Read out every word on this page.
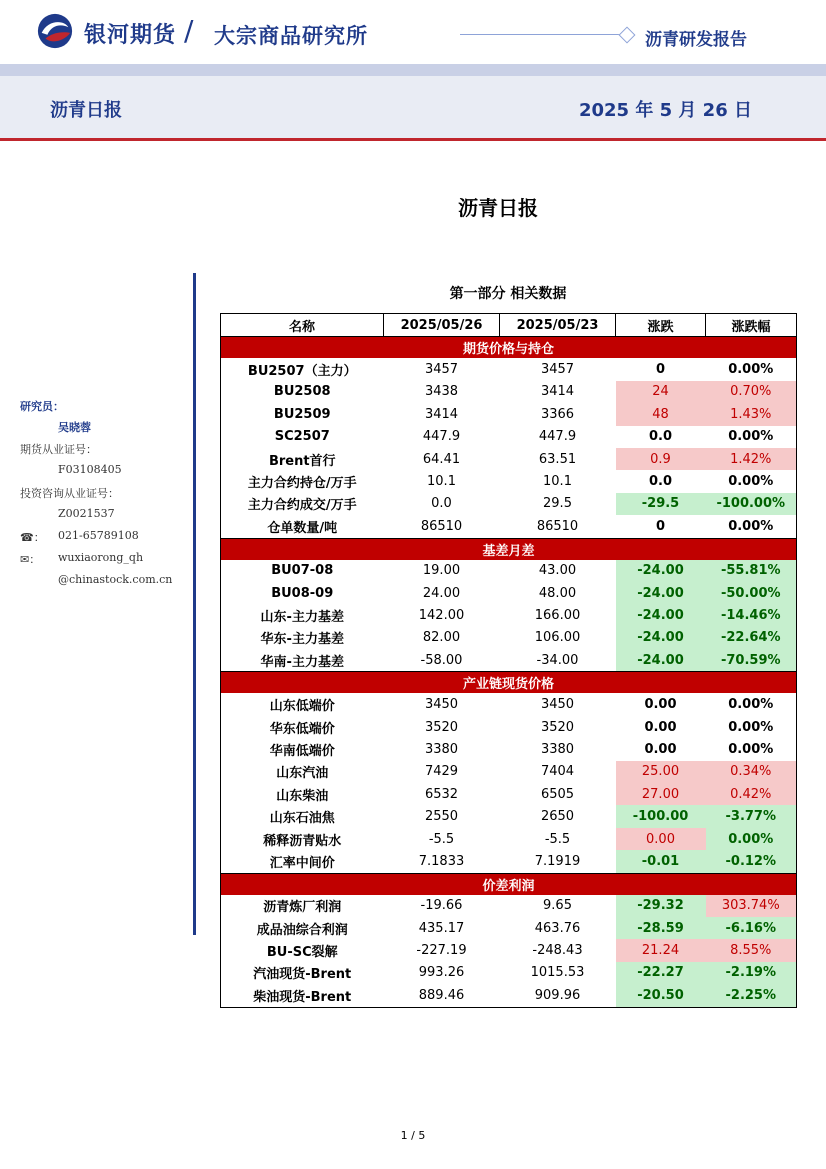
银河期货 / 大宗商品研究所	沥青研发报告
沥青日报	2025 年 5 月 26 日
沥青日报
研究员：
吴晓蓉
期货从业证号：
F03108405
投资咨询从业证号：
Z0021537
☎： 021-65789108
✉： wuxiaorong_qh
@chinastock.com.cn
第一部分 相关数据
名称	2025/05/26	2025/05/23	涨跌	涨跌幅
期货价格与持仓				
BU2507（主力）	3457	3457	0	0.00%
BU2508	3438	3414	24	0.70%
BU2509	3414	3366	48	1.43%
SC2507	447.9	447.9	0.0	0.00%
Brent首行	64.41	63.51	0.9	1.42%
主力合约持仓/万手	10.1	10.1	0.0	0.00%
主力合约成交/万手	0.0	29.5	-29.5	-100.00%
仓单数量/吨	86510	86510	0	0.00%
基差月差				
BU07-08	19.00	43.00	-24.00	-55.81%
BU08-09	24.00	48.00	-24.00	-50.00%
山东-主力基差	142.00	166.00	-24.00	-14.46%
华东-主力基差	82.00	106.00	-24.00	-22.64%
华南-主力基差	-58.00	-34.00	-24.00	-70.59%
产业链现货价格				
山东低端价	3450	3450	0.00	0.00%
华东低端价	3520	3520	0.00	0.00%
华南低端价	3380	3380	0.00	0.00%
山东汽油	7429	7404	25.00	0.34%
山东柴油	6532	6505	27.00	0.42%
山东石油焦	2550	2650	-100.00	-3.77%
稀释沥青贴水	-5.5	-5.5	0.00	0.00%
汇率中间价	7.1833	7.1919	-0.01	-0.12%
价差利润				
沥青炼厂利润	-19.66	9.65	-29.32	303.74%
成品油综合利润	435.17	463.76	-28.59	-6.16%
BU-SC裂解	-227.19	-248.43	21.24	8.55%
汽油现货-Brent	993.26	1015.53	-22.27	-2.19%
柴油现货-Brent	889.46	909.96	-20.50	-2.25%
1 / 5
